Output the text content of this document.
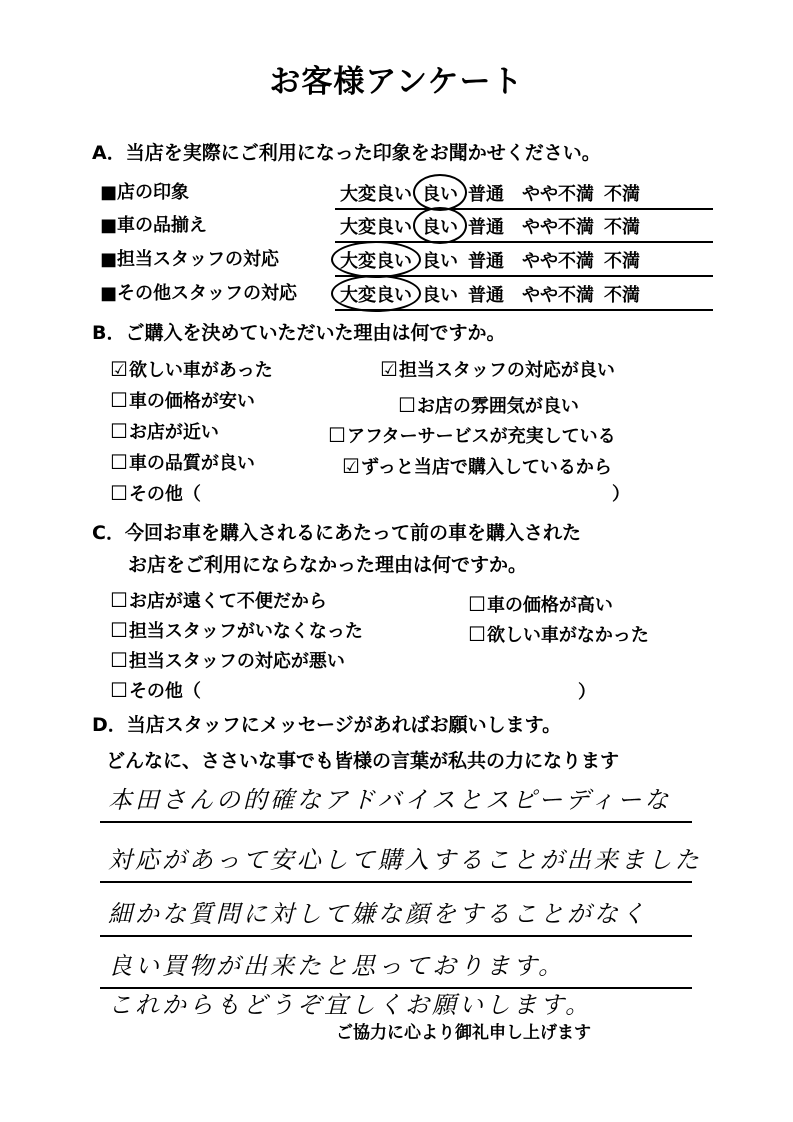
お客様アンケート
A．当店を実際にご利用になった印象をお聞かせください。
■店の印象	大変良い 良い 普通 やや不満 不満
■車の品揃え	大変良い 良い 普通 やや不満 不満
■担当スタッフの対応	大変良い 良い 普通 やや不満 不満
■その他スタッフの対応 大変良い 良い 普通 やや不満 不満
B．ご購入を決めていただいた理由は何ですか。
☑欲しい車があった	☑担当スタッフの対応が良い
☐車の価格が安い	☐お店の雰囲気が良い
☐お店が近い	☐アフターサービスが充実している
☐車の品質が良い	☑ずっと当店で購入しているから
☐その他（	）
C．今回お車を購入されるにあたって前の車を購入された
お店をご利用にならなかった理由は何ですか。
☐お店が遠くて不便だから	☐車の価格が高い
☐担当スタッフがいなくなった	☐欲しい車がなかった
☐担当スタッフの対応が悪い
☐その他（	）
D．当店スタッフにメッセージがあればお願いします。
どんなに、ささいな事でも皆様の言葉が私共の力になります
本田さんの的確なアドバイスとスピーディーな
対応があって安心して購入することが出来ました
細かな質問に対して嫌な顔をすることがなく
良い買物が出来たと思っております。
これからもどうぞ宜しくお願いします。
ご協力に心より御礼申し上げます
